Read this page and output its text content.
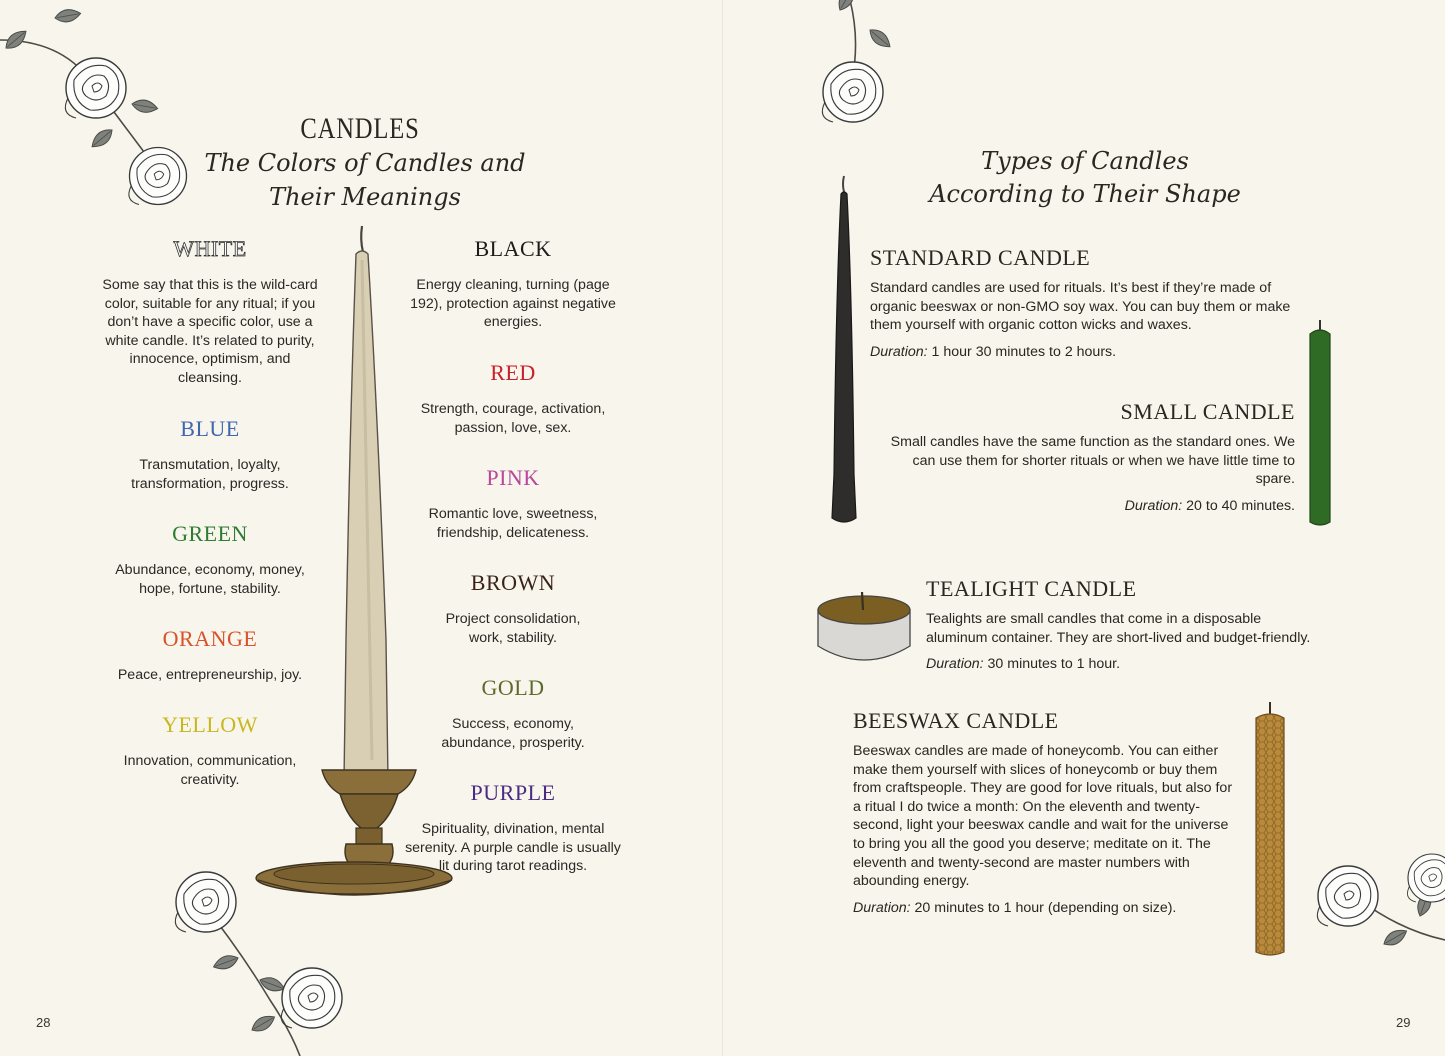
CANDLES
The Colors of Candles and
Their Meanings
WHITE
Some say that this is the wild-card color, suitable for any ritual; if you don’t have a specific color, use a white candle. It’s related to purity, innocence, optimism, and cleansing.
BLUE
Transmutation, loyalty, transformation, progress.
GREEN
Abundance, economy, money, hope, fortune, stability.
ORANGE
Peace, entrepreneurship, joy.
YELLOW
Innovation, communication, creativity.
BLACK
Energy cleaning, turning (page 192), protection against negative energies.
RED
Strength, courage, activation, passion, love, sex.
PINK
Romantic love, sweetness, friendship, delicateness.
BROWN
Project consolidation, work, stability.
GOLD
Success, economy, abundance, prosperity.
PURPLE
Spirituality, divination, mental serenity. A purple candle is usually lit during tarot readings.
28
Types of Candles
According to Their Shape
STANDARD CANDLE
Standard candles are used for rituals. It’s best if they’re made of organic beeswax or non-GMO soy wax. You can buy them or make them yourself with organic cotton wicks and waxes.
Duration: 1 hour 30 minutes to 2 hours.
SMALL CANDLE
Small candles have the same function as the standard ones. We can use them for shorter rituals or when we have little time to spare.
Duration: 20 to 40 minutes.
TEALIGHT CANDLE
Tealights are small candles that come in a disposable aluminum container. They are short-lived and budget-friendly.
Duration: 30 minutes to 1 hour.
BEESWAX CANDLE
Beeswax candles are made of honeycomb. You can either make them yourself with slices of honeycomb or buy them from craftspeople. They are good for love rituals, but also for a ritual I do twice a month: On the eleventh and twenty-second, light your beeswax candle and wait for the universe to bring you all the good you deserve; meditate on it. The eleventh and twenty-second are master numbers with abounding energy.
Duration: 20 minutes to 1 hour (depending on size).
29
